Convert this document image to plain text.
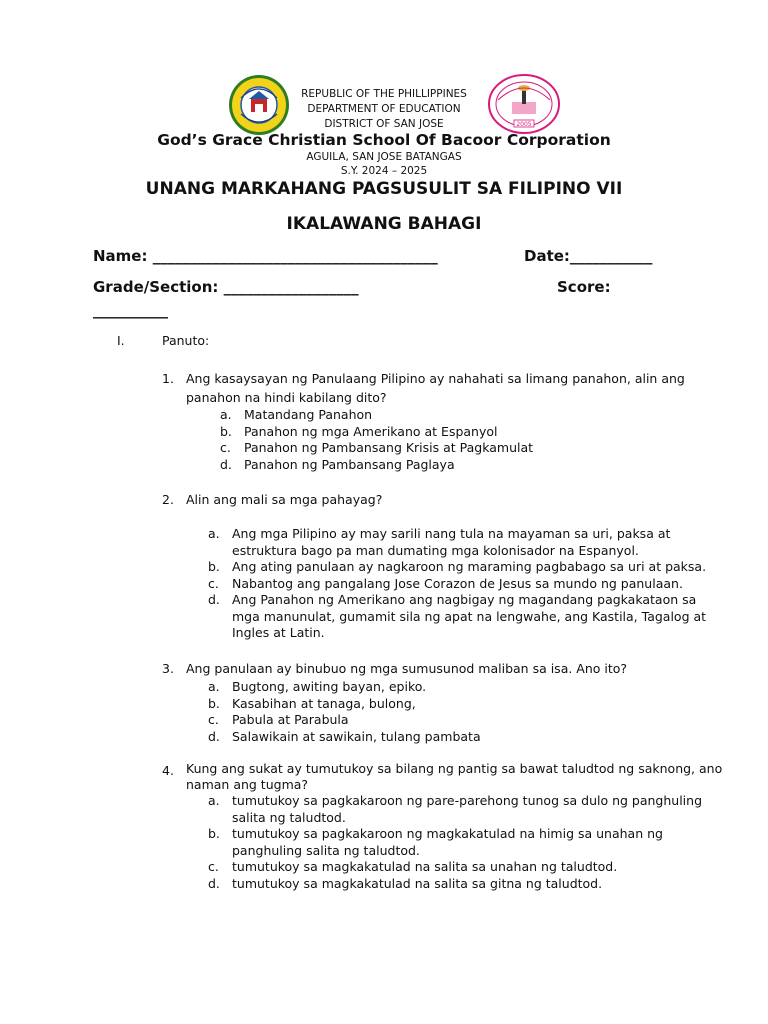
2005
REPUBLIC OF THE PHILLIPPINES
DEPARTMENT OF EDUCATION
DISTRICT OF SAN JOSE
God’s Grace Christian School Of Bacoor Corporation
AGUILA, SAN JOSE BATANGAS
S.Y. 2024 – 2025
UNANG MARKAHANG PAGSUSULIT SA FILIPINO VII
IKALAWANG BAHAGI
Name: ______________________________________	Date:___________
Grade/Section: __________________	Score:
__________
I.	Panuto:
1. Ang kasaysayan ng Panulaang Pilipino ay nahahati sa limang panahon, alin ang
panahon na hindi kabilang dito?
a. Matandang Panahon
b. Panahon ng mga Amerikano at Espanyol
c. Panahon ng Pambansang Krisis at Pagkamulat
d. Panahon ng Pambansang Paglaya
2. Alin ang mali sa mga pahayag?
a. Ang mga Pilipino ay may sarili nang tula na mayaman sa uri, paksa at
estruktura bago pa man dumating mga kolonisador na Espanyol.
b. Ang ating panulaan ay nagkaroon ng maraming pagbabago sa uri at paksa.
c. Nabantog ang pangalang Jose Corazon de Jesus sa mundo ng panulaan.
d. Ang Panahon ng Amerikano ang nagbigay ng magandang pagkakataon sa
mga manunulat, gumamit sila ng apat na lengwahe, ang Kastila, Tagalog at
Ingles at Latin.
3. Ang panulaan ay binubuo ng mga sumusunod maliban sa isa. Ano ito?
a. Bugtong, awiting bayan, epiko.
b. Kasabihan at tanaga, bulong,
c. Pabula at Parabula
d. Salawikain at sawikain, tulang pambata
4. Kung ang sukat ay tumutukoy sa bilang ng pantig sa bawat taludtod ng saknong, ano
naman ang tugma?
a. tumutukoy sa pagkakaroon ng pare-parehong tunog sa dulo ng panghuling
salita ng taludtod.
b. tumutukoy sa pagkakaroon ng magkakatulad na himig sa unahan ng
panghuling salita ng taludtod.
c. tumutukoy sa magkakatulad na salita sa unahan ng taludtod.
d. tumutukoy sa magkakatulad na salita sa gitna ng taludtod.
